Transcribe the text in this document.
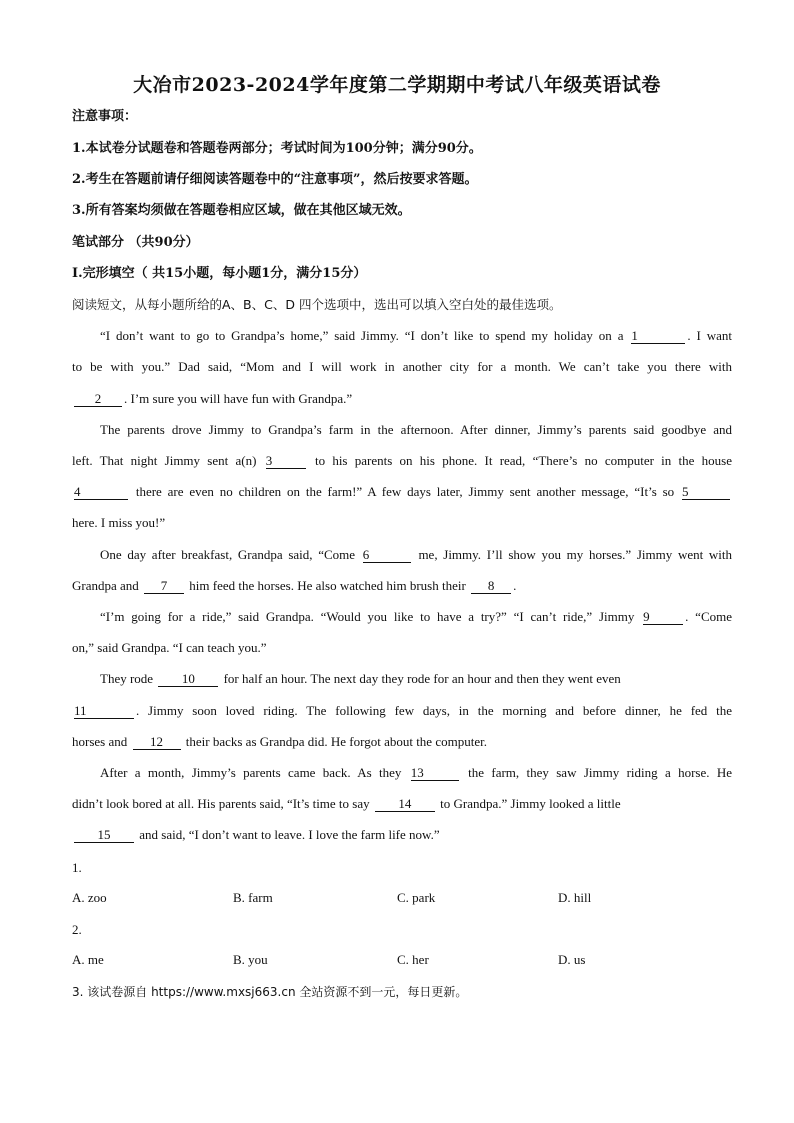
大冶市2023-2024学年度第二学期期中考试八年级英语试卷
注意事项：
1.本试卷分试题卷和答题卷两部分；考试时间为100分钟；满分90分。
2.考生在答题前请仔细阅读答题卷中的“注意事项”，然后按要求答题。
3.所有答案均须做在答题卷相应区域，做在其他区域无效。
笔试部分 （共90分）
Ⅰ.完形填空（ 共15小题，每小题1分，满分15分）
阅读短文，从每小题所给的A、B、C、D 四个选项中，选出可以填入空白处的最佳选项。
“I don’t want to go to Grandpa’s home,” said Jimmy. “I don’t like to spend my holiday on a 1	. I want
to be with you.” Dad said, “Mom and I will work in another city for a month. We can’t take you there with
2 . I’m sure you will have fun with Grandpa.”
The parents drove Jimmy to Grandpa’s farm in the afternoon. After dinner, Jimmy’s parents said goodbye and
left. That night Jimmy sent a(n) 3	to his parents on his phone. It read, “There’s no computer in the house
4	there are even no children on the farm!” A few days later, Jimmy sent another message, “It’s so 5
here. I miss you!”
One day after breakfast, Grandpa said, “Come 6	me, Jimmy. I’ll show you my horses.” Jimmy went with
Grandpa and 7 him feed the horses. He also watched him brush their 8 .
“I’m going for a ride,” said Grandpa. “Would you like to have a try?” “I can’t ride,” Jimmy 9	. “Come
on,” said Grandpa. “I can teach you.”
They rode 10 for half an hour. The next day they rode for an hour and then they went even
11	. Jimmy soon loved riding. The following few days, in the morning and before dinner, he fed the
horses and 12 their backs as Grandpa did. He forgot about the computer.
After a month, Jimmy’s parents came back. As they 13	the farm, they saw Jimmy riding a horse. He
didn’t look bored at all. His parents said, “It’s time to say 14 to Grandpa.” Jimmy looked a little
15 and said, “I don’t want to leave. I love the farm life now.”
1.
A. zoo	B. farm	C. park	D. hill
2.
A. me	B. you	C. her	D. us
3. 该试卷源自 https://www.mxsj663.cn 全站资源不到一元，每日更新。
